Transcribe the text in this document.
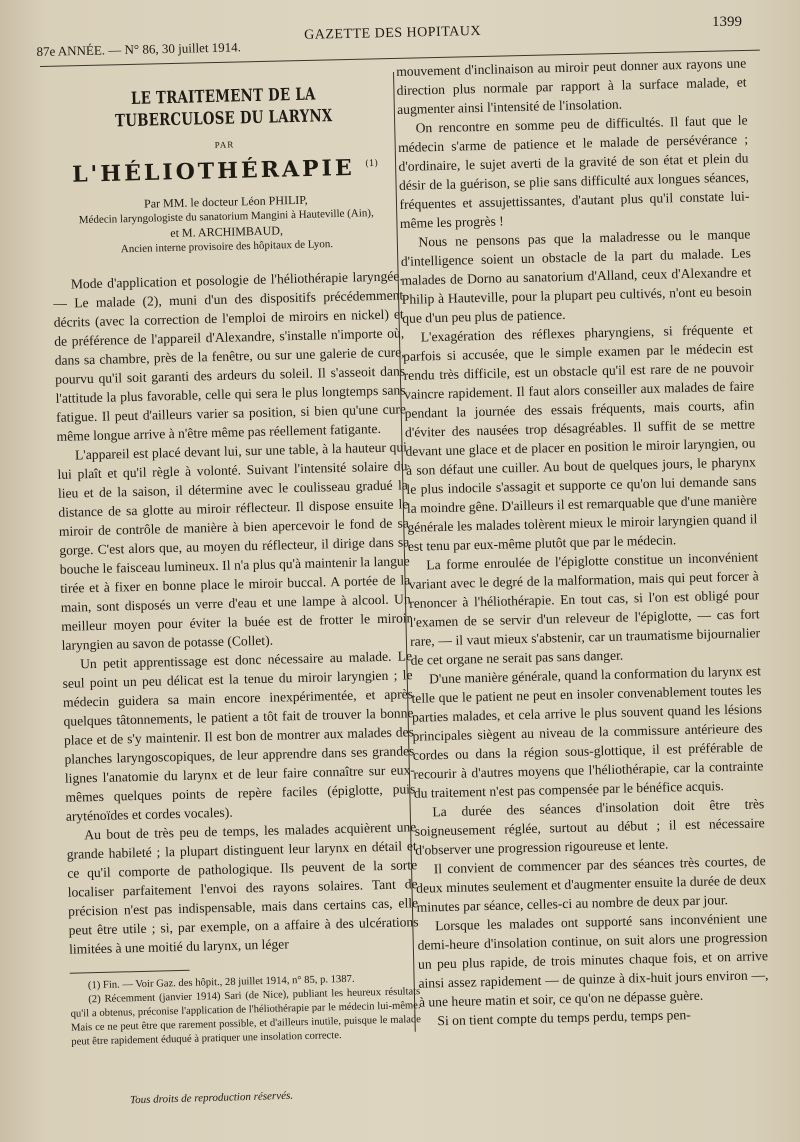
1399
87e ANNÉE. — N° 86, 30 juillet 1914.
GAZETTE DES HOPITAUX
LE TRAITEMENT DE LA TUBERCULOSE DU LARYNX
PAR
L'HÉLIOTHÉRAPIE $^{(1)}$

Par MM. le docteur Léon PHILIP,

Médecin laryngologiste du sanatorium Mangini à Hauteville (Ain),

et M. ARCHIMBAUD,

Ancien interne provisoire des hôpitaux de Lyon.

Mode d'application et posologie de l'héliothérapie laryngée. — Le malade (2), muni d'un des dispositifs précédemment décrits (avec la correction de l'emploi de miroirs en nickel) et de préférence de l'appareil d'Alexandre, s'installe n'importe où, dans sa chambre, près de la fenêtre, ou sur une galerie de cure, pourvu qu'il soit garanti des ardeurs du soleil. Il s'asseoit dans l'attitude la plus favorable, celle qui sera le plus longtemps sans fatigue. Il peut d'ailleurs varier sa position, si bien qu'une cure même longue arrive à n'être même pas réellement fatigante.

L'appareil est placé devant lui, sur une table, à la hauteur qui lui plaît et qu'il règle à volonté. Suivant l'intensité solaire du lieu et de la saison, il détermine avec le coulisseau gradué la distance de sa glotte au miroir réflecteur. Il dispose ensuite le miroir de contrôle de manière à bien apercevoir le fond de sa gorge. C'est alors que, au moyen du réflecteur, il dirige dans sa bouche le faisceau lumineux. Il n'a plus qu'à maintenir la langue tirée et à fixer en bonne place le miroir buccal. A portée de la main, sont disposés un verre d'eau et une lampe à alcool. Un meilleur moyen pour éviter la buée est de frotter le miroir laryngien au savon de potasse (Collet).

Un petit apprentissage est donc nécessaire au malade. Le seul point un peu délicat est la tenue du miroir laryngien ; le médecin guidera sa main encore inexpérimentée, et après quelques tâtonnements, le patient a tôt fait de trouver la bonne place et de s'y maintenir. Il est bon de montrer aux malades des planches laryngoscopiques, de leur apprendre dans ses grandes lignes l'anatomie du larynx et de leur faire connaître sur eux-mêmes quelques points de repère faciles (épiglotte, puis aryténoïdes et cordes vocales).

Au bout de très peu de temps, les malades acquièrent une grande habileté ; la plupart distinguent leur larynx en détail et ce qu'il comporte de pathologique. Ils peuvent de la sorte localiser parfaitement l'envoi des rayons solaires. Tant de précision n'est pas indispensable, mais dans certains cas, elle peut être utile ; si, par exemple, on a affaire à des ulcérations limitées à une moitié du larynx, un léger

(1) Fin. — Voir Gaz. des hôpit., 28 juillet 1914, n° 85, p. 1387.

(2) Récemment (janvier 1914) Sari (de Nice), publiant les heureux résultats qu'il a obtenus, préconise l'application de l'héliothérapie par le médecin lui-même. Mais ce ne peut être que rarement possible, et d'ailleurs inutile, puisque le malade peut être rapidement éduqué à pratiquer une insolation correcte.

mouvement d'inclinaison au miroir peut donner aux rayons une direction plus normale par rapport à la surface malade, et augmenter ainsi l'intensité de l'insolation.

On rencontre en somme peu de difficultés. Il faut que le médecin s'arme de patience et le malade de persévérance ; d'ordinaire, le sujet averti de la gravité de son état et plein du désir de la guérison, se plie sans difficulté aux longues séances, fréquentes et assujettissantes, d'autant plus qu'il constate lui-même les progrès !

Nous ne pensons pas que la maladresse ou le manque d'intelligence soient un obstacle de la part du malade. Les malades de Dorno au sanatorium d'Alland, ceux d'Alexandre et Philip à Hauteville, pour la plupart peu cultivés, n'ont eu besoin que d'un peu plus de patience.

L'exagération des réflexes pharyngiens, si fréquente et parfois si accusée, que le simple examen par le médecin est rendu très difficile, est un obstacle qu'il est rare de ne pouvoir vaincre rapidement. Il faut alors conseiller aux malades de faire pendant la journée des essais fréquents, mais courts, afin d'éviter des nausées trop désagréables. Il suffit de se mettre devant une glace et de placer en position le miroir laryngien, ou à son défaut une cuiller. Au bout de quelques jours, le pharynx le plus indocile s'assagit et supporte ce qu'on lui demande sans la moindre gêne. D'ailleurs il est remarquable que d'une manière générale les malades tolèrent mieux le miroir laryngien quand il est tenu par eux-même plutôt que par le médecin.

La forme enroulée de l'épiglotte constitue un inconvénient variant avec le degré de la malformation, mais qui peut forcer à renoncer à l'héliothérapie. En tout cas, si l'on est obligé pour l'examen de se servir d'un releveur de l'épiglotte, — cas fort rare, — il vaut mieux s'abstenir, car un traumatisme bijournalier de cet organe ne serait pas sans danger.

D'une manière générale, quand la conformation du larynx est telle que le patient ne peut en insoler convenablement toutes les parties malades, et cela arrive le plus souvent quand les lésions principales siègent au niveau de la commissure antérieure des cordes ou dans la région sous-glottique, il est préférable de recourir à d'autres moyens que l'héliothérapie, car la contrainte du traitement n'est pas compensée par le bénéfice acquis.

La durée des séances d'insolation doit être très soigneusement réglée, surtout au début ; il est nécessaire d'observer une progression rigoureuse et lente.

Il convient de commencer par des séances très courtes, de deux minutes seulement et d'augmenter ensuite la durée de deux minutes par séance, celles-ci au nombre de deux par jour.

Lorsque les malades ont supporté sans inconvénient une demi-heure d'insolation continue, on suit alors une progression un peu plus rapide, de trois minutes chaque fois, et on arrive ainsi assez rapidement — de quinze à dix-huit jours environ —, à une heure matin et soir, ce qu'on ne dépasse guère.

Si on tient compte du temps perdu, temps pen-

Tous droits de reproduction réservés.
